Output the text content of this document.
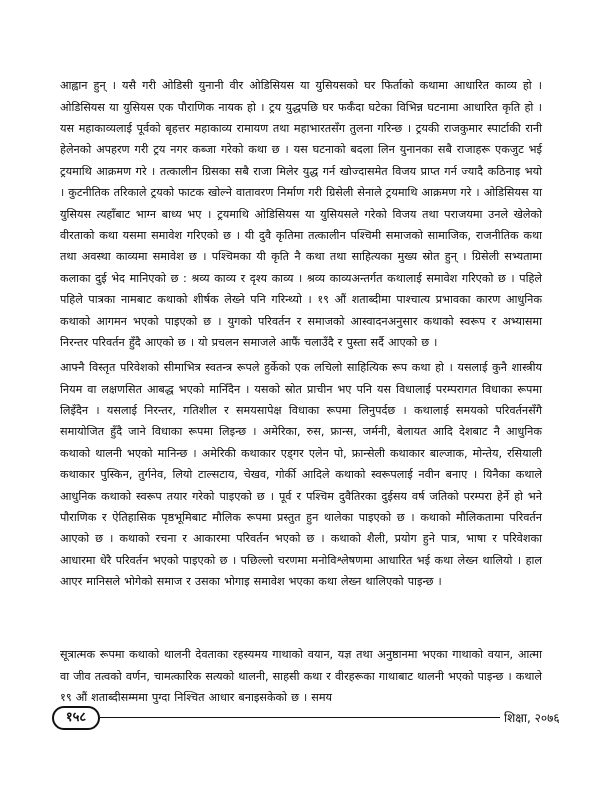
आह्वान हुन् । यसै गरी ओडिसी युनानी वीर ओडिसियस या युसियसको घर फिर्ताको कथामा आधारित काव्य हो । ओडिसियस या युसियस एक पौराणिक नायक हो । ट्रय युद्धपछि घर फर्कँदा घटेका विभिन्न घटनामा आधारित कृति हो । यस महाकाव्यलाई पूर्वको बृहत्तर महाकाव्य रामायण तथा महाभारतसँग तुलना गरिन्छ । ट्रयकी राजकुमार स्पार्टाकी रानी हेलेनको अपहरण गरी ट्रय नगर कब्जा गरेको कथा छ । यस घटनाको बदला लिन युनानका सबै राजाहरू एकजुट भई ट्रयमाथि आक्रमण गरे । तत्कालीन ग्रिसका सबै राजा मिलेर युद्ध गर्न खोज्दासमेत विजय प्राप्त गर्न ज्यादै कठिनाइ भयो । कुटनीतिक तरिकाले ट्रयको फाटक खोल्ने वातावरण निर्माण गरी ग्रिसेली सेनाले ट्रयमाथि आक्रमण गरे । ओडिसियस या युसियस त्यहाँबाट भाग्न बाध्य भए । ट्रयमाथि ओडिसियस या युसियसले गरेको विजय तथा पराजयमा उनले खेलेको वीरताको कथा यसमा समावेश गरिएको छ । यी दुवै कृतिमा तत्कालीन पश्चिमी समाजको सामाजिक, राजनीतिक कथा तथा अवस्था काव्यमा समावेश छ । पश्चिमका यी कृति नै कथा तथा साहित्यका मुख्य स्रोत हुन् । ग्रिसेली सभ्यतामा कलाका दुई भेद मानिएको छ : श्रव्य काव्य र दृश्य काव्य । श्रव्य काव्यअन्तर्गत कथालाई समावेश गरिएको छ । पहिले पहिले पात्रका नामबाट कथाको शीर्षक लेख्ने पनि गरिन्थ्यो । १९ औं शताब्दीमा पाश्चात्य प्रभावका कारण आधुनिक कथाको आगमन भएको पाइएको छ । युगको परिवर्तन र समाजको आस्वादनअनुसार कथाको स्वरूप र अभ्यासमा निरन्तर परिवर्तन हुँदै आएको छ । यो प्रचलन समाजले आफैं चलाउँदै र पुस्ता सर्दै आएको छ ।

आफ्नै विस्तृत परिवेशको सीमाभित्र स्वतन्त्र रूपले हुर्केको एक लचिलो साहित्यिक रूप कथा हो । यसलाई कुनै शास्त्रीय नियम वा लक्षणसित आबद्ध भएको मानिँदैन । यसको स्रोत प्राचीन भए पनि यस विधालाई परम्परागत विधाका रूपमा लिइँदैन । यसलाई निरन्तर, गतिशील र समयसापेक्ष विधाका रूपमा लिनुपर्दछ । कथालाई समयको परिवर्तनसँगै समायोजित हुँदै जाने विधाका रूपमा लिइन्छ । अमेरिका, रुस, फ्रान्स, जर्मनी, बेलायत आदि देशबाट नै आधुनिक कथाको थालनी भएको मानिन्छ । अमेरिकी कथाकार एड्गर एलेन पो, फ्रान्सेली कथाकार बाल्जाक, मोन्तेय, रसियाली कथाकार पुस्किन, तुर्गनेव, लियो टाल्सटाय, चेखव, गोर्की आदिले कथाको स्वरूपलाई नवीन बनाए । यिनैका कथाले आधुनिक कथाको स्वरूप तयार गरेको पाइएको छ । पूर्व र पश्चिम दुवैतिरका दुईसय वर्ष जतिको परम्परा हेर्ने हो भने पौराणिक र ऐतिहासिक पृष्ठभूमिबाट मौलिक रूपमा प्रस्तुत हुन थालेका पाइएको छ । कथाको मौलिकतामा परिवर्तन आएको छ । कथाको रचना र आकारमा परिवर्तन भएको छ । कथाको शैली, प्रयोग हुने पात्र, भाषा र परिवेशका आधारमा धेरै परिवर्तन भएको पाइएको छ । पछिल्लो चरणमा मनोविश्लेषणमा आधारित भई कथा लेख्न थालियो । हाल आएर मानिसले भोगेको समाज र उसका भोगाइ समावेश भएका कथा लेख्न थालिएको पाइन्छ ।

सूत्रात्मक रूपमा कथाको थालनी देवताका रहस्यमय गाथाको वयान, यज्ञ तथा अनुष्ठानमा भएका गाथाको वयान, आत्मा वा जीव तत्वको वर्णन, चामत्कारिक सत्यको थालनी, साहसी कथा र वीरहरूका गाथाबाट थालनी भएको पाइन्छ । कथाले १९ औं शताब्दीसम्ममा पुग्दा निश्चित आधार बनाइसकेको छ । समय

१५८	शिक्षा, २०७६
